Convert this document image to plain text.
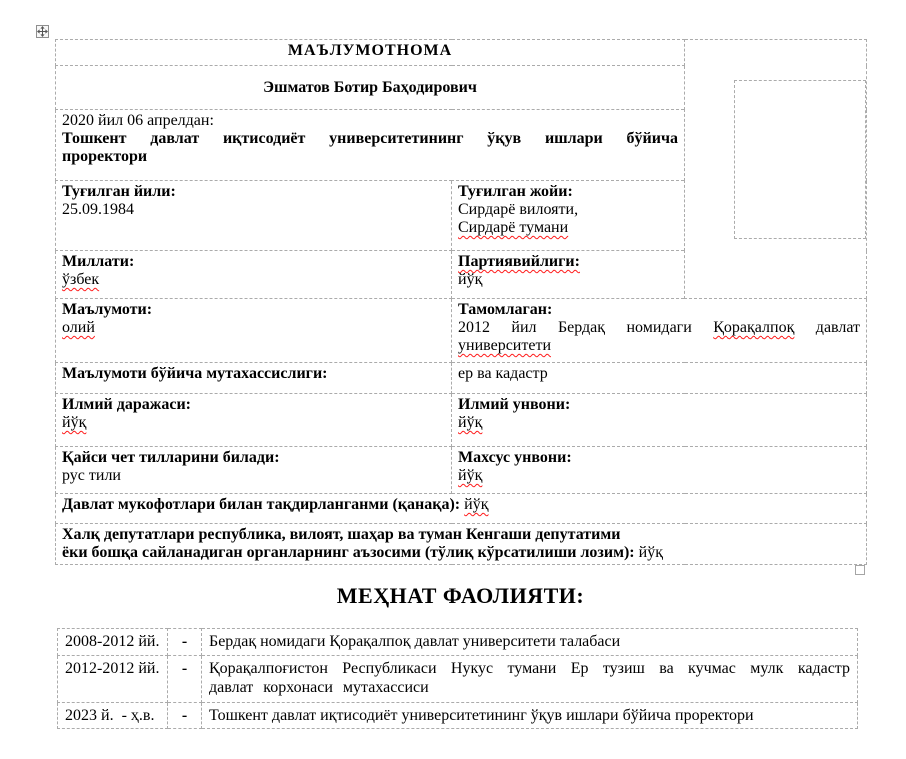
МАЪЛУМОТНОМА		

Эшматов Ботир Баҳодирович		

2020 йил 06 апрелдан:
Тошкент давлат иқтисодиёт университетининг ўқув ишлари бўйича проректори		

Туғилган йили:
25.09.1984

Туғилган жойи:
Сирдарё вилояти,
Сирдарё тумани

Миллати:
ўзбек

Партиявийлиги:
йўқ

Маълумоти:
олий

Тамомлаган:
2012 йил Бердақ номидаги Қорақалпоқ давлат университети

Маълумоти бўйича мутахассислиги:	ер ва кадастр	

Илмий даражаси:
йўқ

Илмий унвони:
йўқ

Қайси чет тилларини билади:
рус тили

Махсус унвони:
йўқ

Давлат мукофотлари билан тақдирланганми (қанақа): йўқ		

Халқ депутатлари республика, вилоят, шаҳар ва туман Кенгаши депутатими
ёки бошқа сайланадиган органларнинг аъзосими (тўлиқ кўрсатилиши лозим): йўқ		
МЕҲНАТ ФАОЛИЯТИ:
2008-2012 йй.	-	Бердақ номидаги Қорақалпоқ давлат университети талабаси
2012-2012 йй.	-	Қорақалпоғистон Республикаси Нукус тумани Ер тузиш ва кучмас мулк кадастр давлат корхонаси мутахассиси
2023 й.  - ҳ.в.	-	Тошкент давлат иқтисодиёт университетининг ўқув ишлари бўйича проректори
